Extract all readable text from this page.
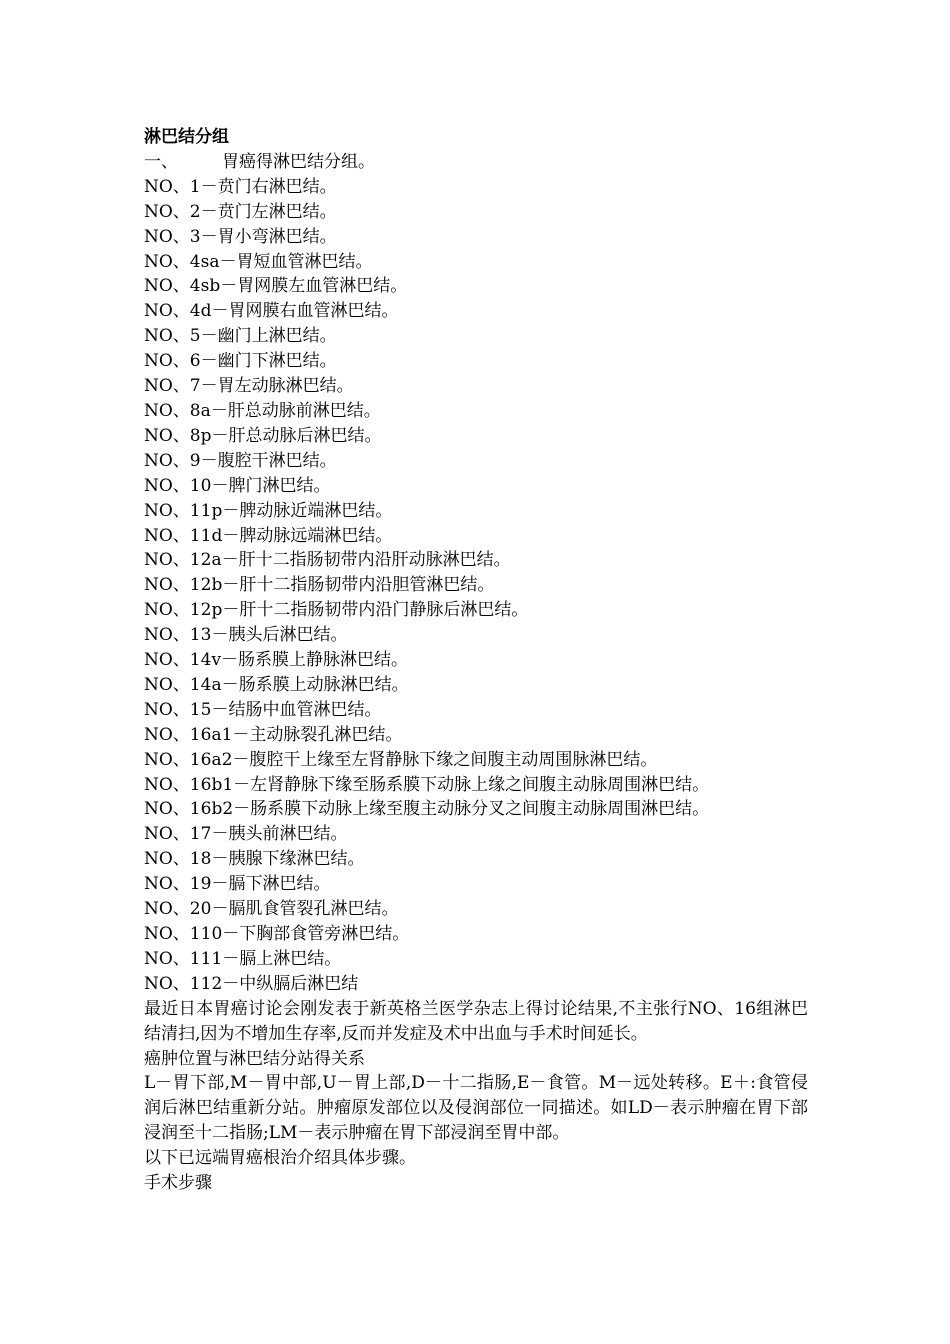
淋巴结分组

一、	胃癌得淋巴结分组。

NO、1－贲门右淋巴结。

NO、2－贲门左淋巴结。

NO、3－胃小弯淋巴结。

NO、4sa－胃短血管淋巴结。

NO、4sb－胃网膜左血管淋巴结。

NO、4d－胃网膜右血管淋巴结。

NO、5－幽门上淋巴结。

NO、6－幽门下淋巴结。

NO、7－胃左动脉淋巴结。

NO、8a－肝总动脉前淋巴结。

NO、8p－肝总动脉后淋巴结。

NO、9－腹腔干淋巴结。

NO、10－脾门淋巴结。

NO、11p－脾动脉近端淋巴结。

NO、11d－脾动脉远端淋巴结。

NO、12a－肝十二指肠韧带内沿肝动脉淋巴结。

NO、12b－肝十二指肠韧带内沿胆管淋巴结。

NO、12p－肝十二指肠韧带内沿门静脉后淋巴结。

NO、13－胰头后淋巴结。

NO、14v－肠系膜上静脉淋巴结。

NO、14a－肠系膜上动脉淋巴结。

NO、15－结肠中血管淋巴结。

NO、16a1－主动脉裂孔淋巴结。

NO、16a2－腹腔干上缘至左肾静脉下缘之间腹主动周围脉淋巴结。

NO、16b1－左肾静脉下缘至肠系膜下动脉上缘之间腹主动脉周围淋巴结。

NO、16b2－肠系膜下动脉上缘至腹主动脉分叉之间腹主动脉周围淋巴结。

NO、17－胰头前淋巴结。

NO、18－胰腺下缘淋巴结。

NO、19－膈下淋巴结。

NO、20－膈肌食管裂孔淋巴结。

NO、110－下胸部食管旁淋巴结。

NO、111－膈上淋巴结。

NO、112－中纵膈后淋巴结

最近日本胃癌讨论会刚发表于新英格兰医学杂志上得讨论结果,不主张行NO、16组淋巴结清扫,因为不增加生存率,反而并发症及术中出血与手术时间延长。

癌肿位置与淋巴结分站得关系

L－胃下部,M－胃中部,U－胃上部,D－十二指肠,E－食管。M－远处转移。E＋:食管侵润后淋巴结重新分站。肿瘤原发部位以及侵润部位一同描述。如LD－表示肿瘤在胃下部浸润至十二指肠;LM－表示肿瘤在胃下部浸润至胃中部。

以下已远端胃癌根治介绍具体步骤。

手术步骤
